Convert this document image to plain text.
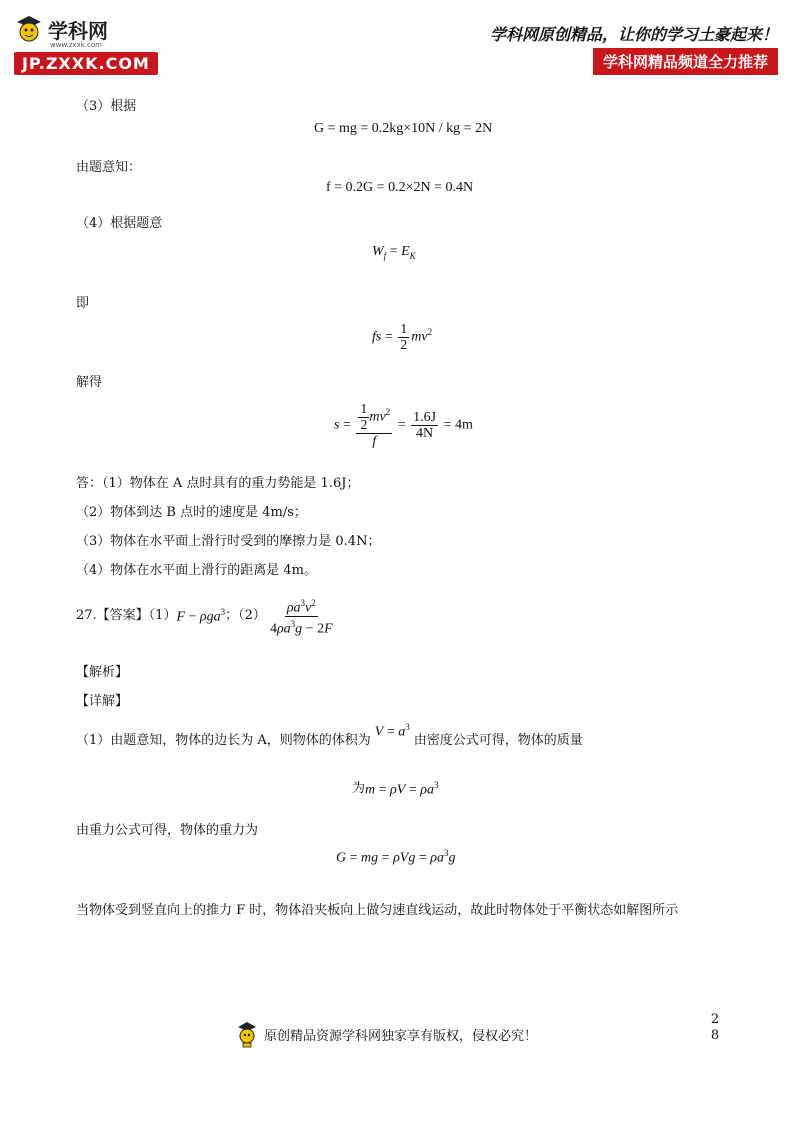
学科网
www.zxxk.com
JP.ZXXK.COM
学科网原创精品，让你的学习土豪起来！
学科网精品频道全力推荐
（3）根据
G = mg = 0.2kg×10N / kg = 2N
由题意知：
f = 0.2G = 0.2×2N = 0.4N
（4）根据题意
$W_f = E_K$
即
fs = $\frac{1}{2} mv^2$
解得
$s = \frac{\frac{1}{2} mv^2}{f} = \frac{1.6J}{4N} = 4m$
答：（1）物体在 A 点时具有的重力势能是 1.6J；
（2）物体到达 B 点时的速度是 4m/s；
（3）物体在水平面上滑行时受到的摩擦力是 0.4N；
（4）物体在水平面上滑行的距离是 4m。
27.【答案】（1） F − ρga$^3$ ；$(2) \frac{\rho a^3v^2}{4\rho a^3g - 2F}$
【解析】
【详解】
（1）由题意知，物体的边长为 A，则物体的体积为
$V = a^3$
由密度公式可得，物体的质量
为 $m = \rho V = \rho a^3$
由重力公式可得，物体的重力为
G = mg = $\rho Vg = \rho a^3g$
当物体受到竖直向上的推力 F 时，物体沿夹板向上做匀速直线运动，故此时物体处于平衡状态如解图所示
原创精品资源学科网独家享有版权，侵权必究！
2
8
